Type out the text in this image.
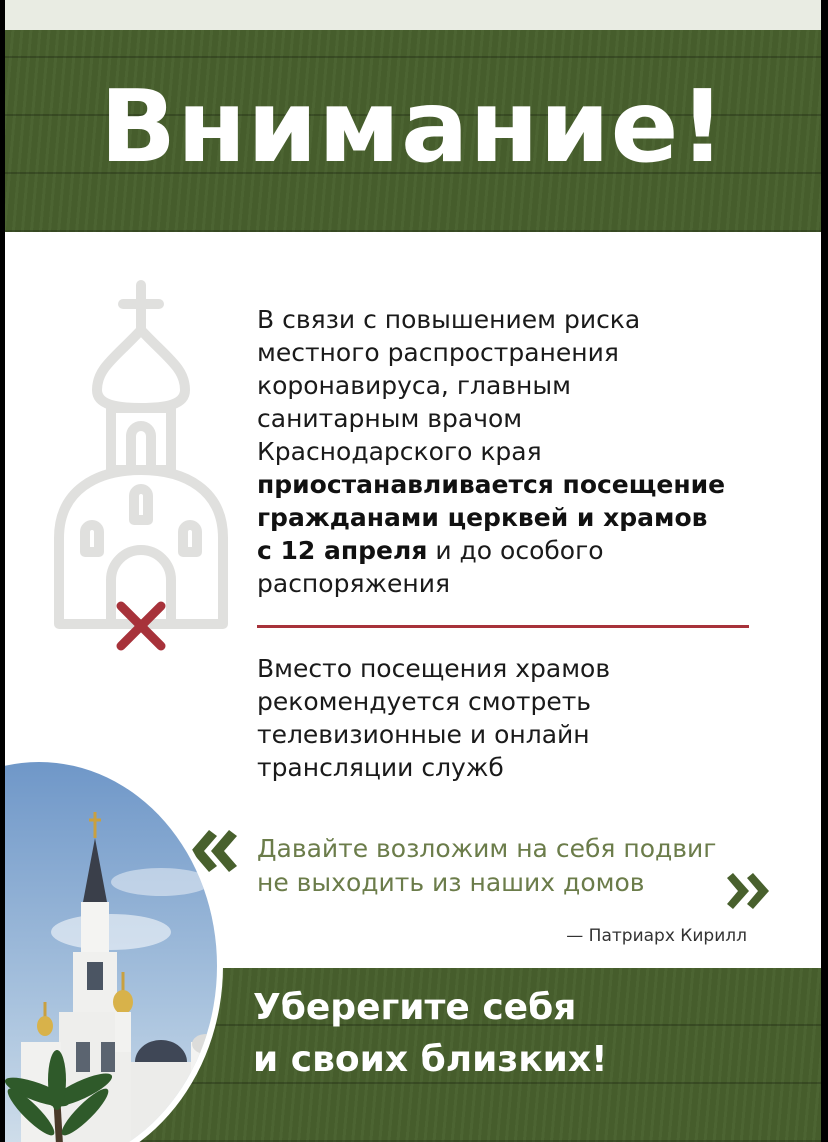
Внимание!
В связи с повышением риска
местного распространения
коронавируса, главным
санитарным врачом
Краснодарского края
приостанавливается посещение
гражданами церквей и храмов
с 12 апреля и до особого
распоряжения
Вместо посещения храмов
рекомендуется смотреть
телевизионные и онлайн
трансляции служб
Давайте возложим на себя подвиг
не выходить из наших домов
— Патриарх Кирилл
Уберегите себя
и своих близких!
